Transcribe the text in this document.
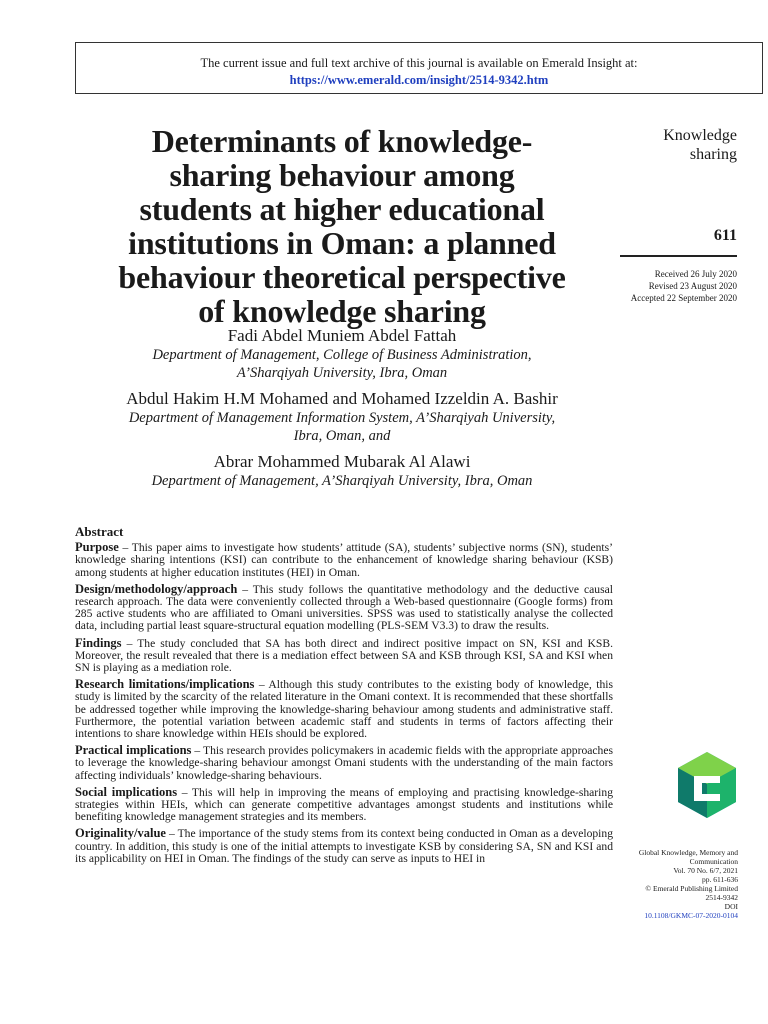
The current issue and full text archive of this journal is available on Emerald Insight at:
https://www.emerald.com/insight/2514-9342.htm
Determinants of knowledge-
sharing behaviour among
students at higher educational
institutions in Oman: a planned
behaviour theoretical perspective
of knowledge sharing
Knowledge
sharing
611
Received 26 July 2020
Revised 23 August 2020
Accepted 22 September 2020
Fadi Abdel Muniem Abdel Fattah
Department of Management, College of Business Administration,
A’Sharqiyah University, Ibra, Oman
Abdul Hakim H.M Mohamed and Mohamed Izzeldin A. Bashir
Department of Management Information System, A’Sharqiyah University,
Ibra, Oman, and
Abrar Mohammed Mubarak Al Alawi
Department of Management, A’Sharqiyah University, Ibra, Oman
Abstract

Purpose – This paper aims to investigate how students’ attitude (SA), students’ subjective norms (SN), students’ knowledge sharing intentions (KSI) can contribute to the enhancement of knowledge sharing behaviour (KSB) among students at higher education institutes (HEI) in Oman.

Design/methodology/approach – This study follows the quantitative methodology and the deductive causal research approach. The data were conveniently collected through a Web-based questionnaire (Google forms) from 285 active students who are affiliated to Omani universities. SPSS was used to statistically analyse the collected data, including partial least square-structural equation modelling (PLS-SEM V3.3) to draw the results.

Findings – The study concluded that SA has both direct and indirect positive impact on SN, KSI and KSB. Moreover, the result revealed that there is a mediation effect between SA and KSB through KSI, SA and KSI when SN is playing as a mediation role.

Research limitations/implications – Although this study contributes to the existing body of knowledge, this study is limited by the scarcity of the related literature in the Omani context. It is recommended that these shortfalls be addressed together while improving the knowledge-sharing behaviour among students and administrative staff. Furthermore, the potential variation between academic staff and students in terms of factors affecting their intentions to share knowledge within HEIs should be explored.

Practical implications – This research provides policymakers in academic fields with the appropriate approaches to leverage the knowledge-sharing behaviour amongst Omani students with the understanding of the main factors affecting individuals’ knowledge-sharing behaviours.

Social implications – This will help in improving the means of employing and practising knowledge-sharing strategies within HEIs, which can generate competitive advantages amongst students and institutions while benefiting knowledge management strategies and its members.

Originality/value – The importance of the study stems from its context being conducted in Oman as a developing country. In addition, this study is one of the initial attempts to investigate KSB by considering SA, SN and KSI and its applicability on HEI in Oman. The findings of the study can serve as inputs to HEI in	Global Knowledge, Memory and
Communication
Vol. 70 No. 6/7, 2021
pp. 611-636
© Emerald Publishing Limited
2514-9342
DOI
10.1108/GKMC-07-2020-0104
